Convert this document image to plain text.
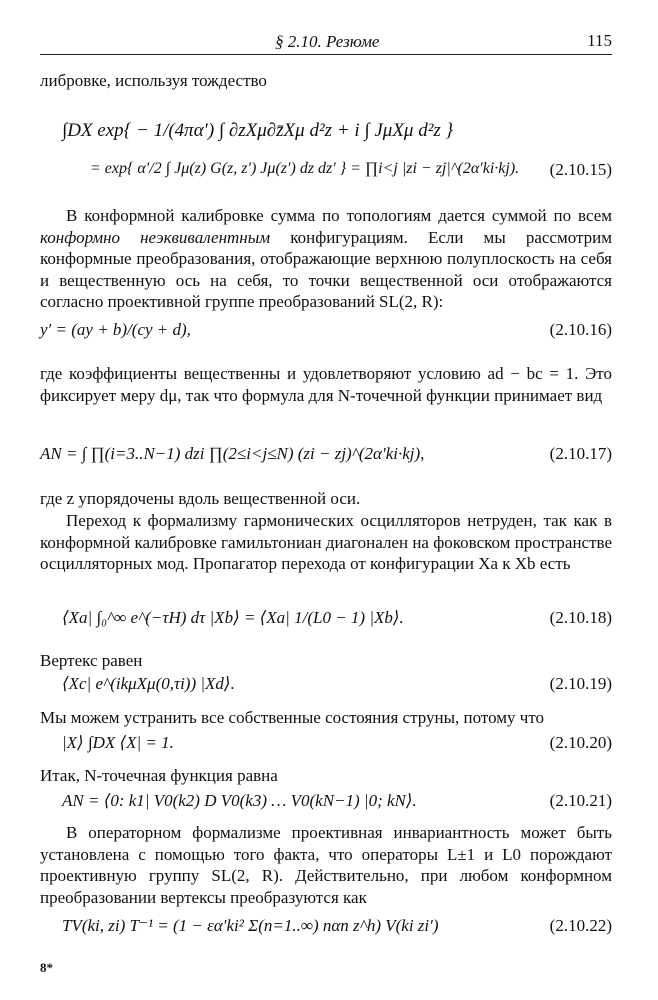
§ 2.10. Резюме	115

либровке, используя тождество

∫DX exp{ − 1/(4πα′) ∫ ∂zXμ∂z̄Xμ d²z + i ∫ JμXμ d²z }
= exp{ α′/2 ∫ Jμ(z) G(z, z′) Jμ(z′) dz dz′ } = ∏i<j |zi − zj|^(2α′ki·kj). (2.10.15)

В конформной калибровке сумма по топологиям дается суммой по всем конформно неэквивалентным конфигурациям. Если мы рассмотрим конформные преобразования, отображающие верхнюю полуплоскость на себя и вещественную ось на себя, то точки вещественной оси отображаются согласно проективной группе преобразований SL(2, R):

y′ = (ay + b)/(cy + d),	(2.10.16)

где коэффициенты вещественны и удовлетворяют условию ad − bc = 1. Это фиксирует меру dμ, так что формула для N-точечной функции принимает вид

AN = ∫ ∏(i=3..N−1) dzi ∏(2≤i<j≤N) (zi − zj)^(2α′ki·kj),	(2.10.17)

где z упорядочены вдоль вещественной оси.

Переход к формализму гармонических осцилляторов нетруден, так как в конформной калибровке гамильтониан диагонален на фоковском пространстве осцилляторных мод. Пропагатор перехода от конфигурации Xa к Xb есть

⟨Xa| ∫₀^∞ e^(−τH) dτ |Xb⟩ = ⟨Xa| 1/(L0 − 1) |Xb⟩.	(2.10.18)

Вертекс равен

⟨Xc| e^(ikμXμ(0,τi)) |Xd⟩.	(2.10.19)

Мы можем устранить все собственные состояния струны, потому что

|X⟩ ∫DX ⟨X| = 1.	(2.10.20)

Итак, N-точечная функция равна

AN = ⟨0: k1| V0(k2) D V0(k3) … V0(kN−1) |0; kN⟩.	(2.10.21)

В операторном формализме проективная инвариантность может быть установлена с помощью того факта, что операторы L±1 и L0 порождают проективную группу SL(2, R). Действительно, при любом конформном преобразовании вертексы преобразуются как

TV(ki, zi) T⁻¹ = (1 − εα′ki² Σ(n=1..∞) nαn z^h) V(ki zi′)	(2.10.22)
8*
